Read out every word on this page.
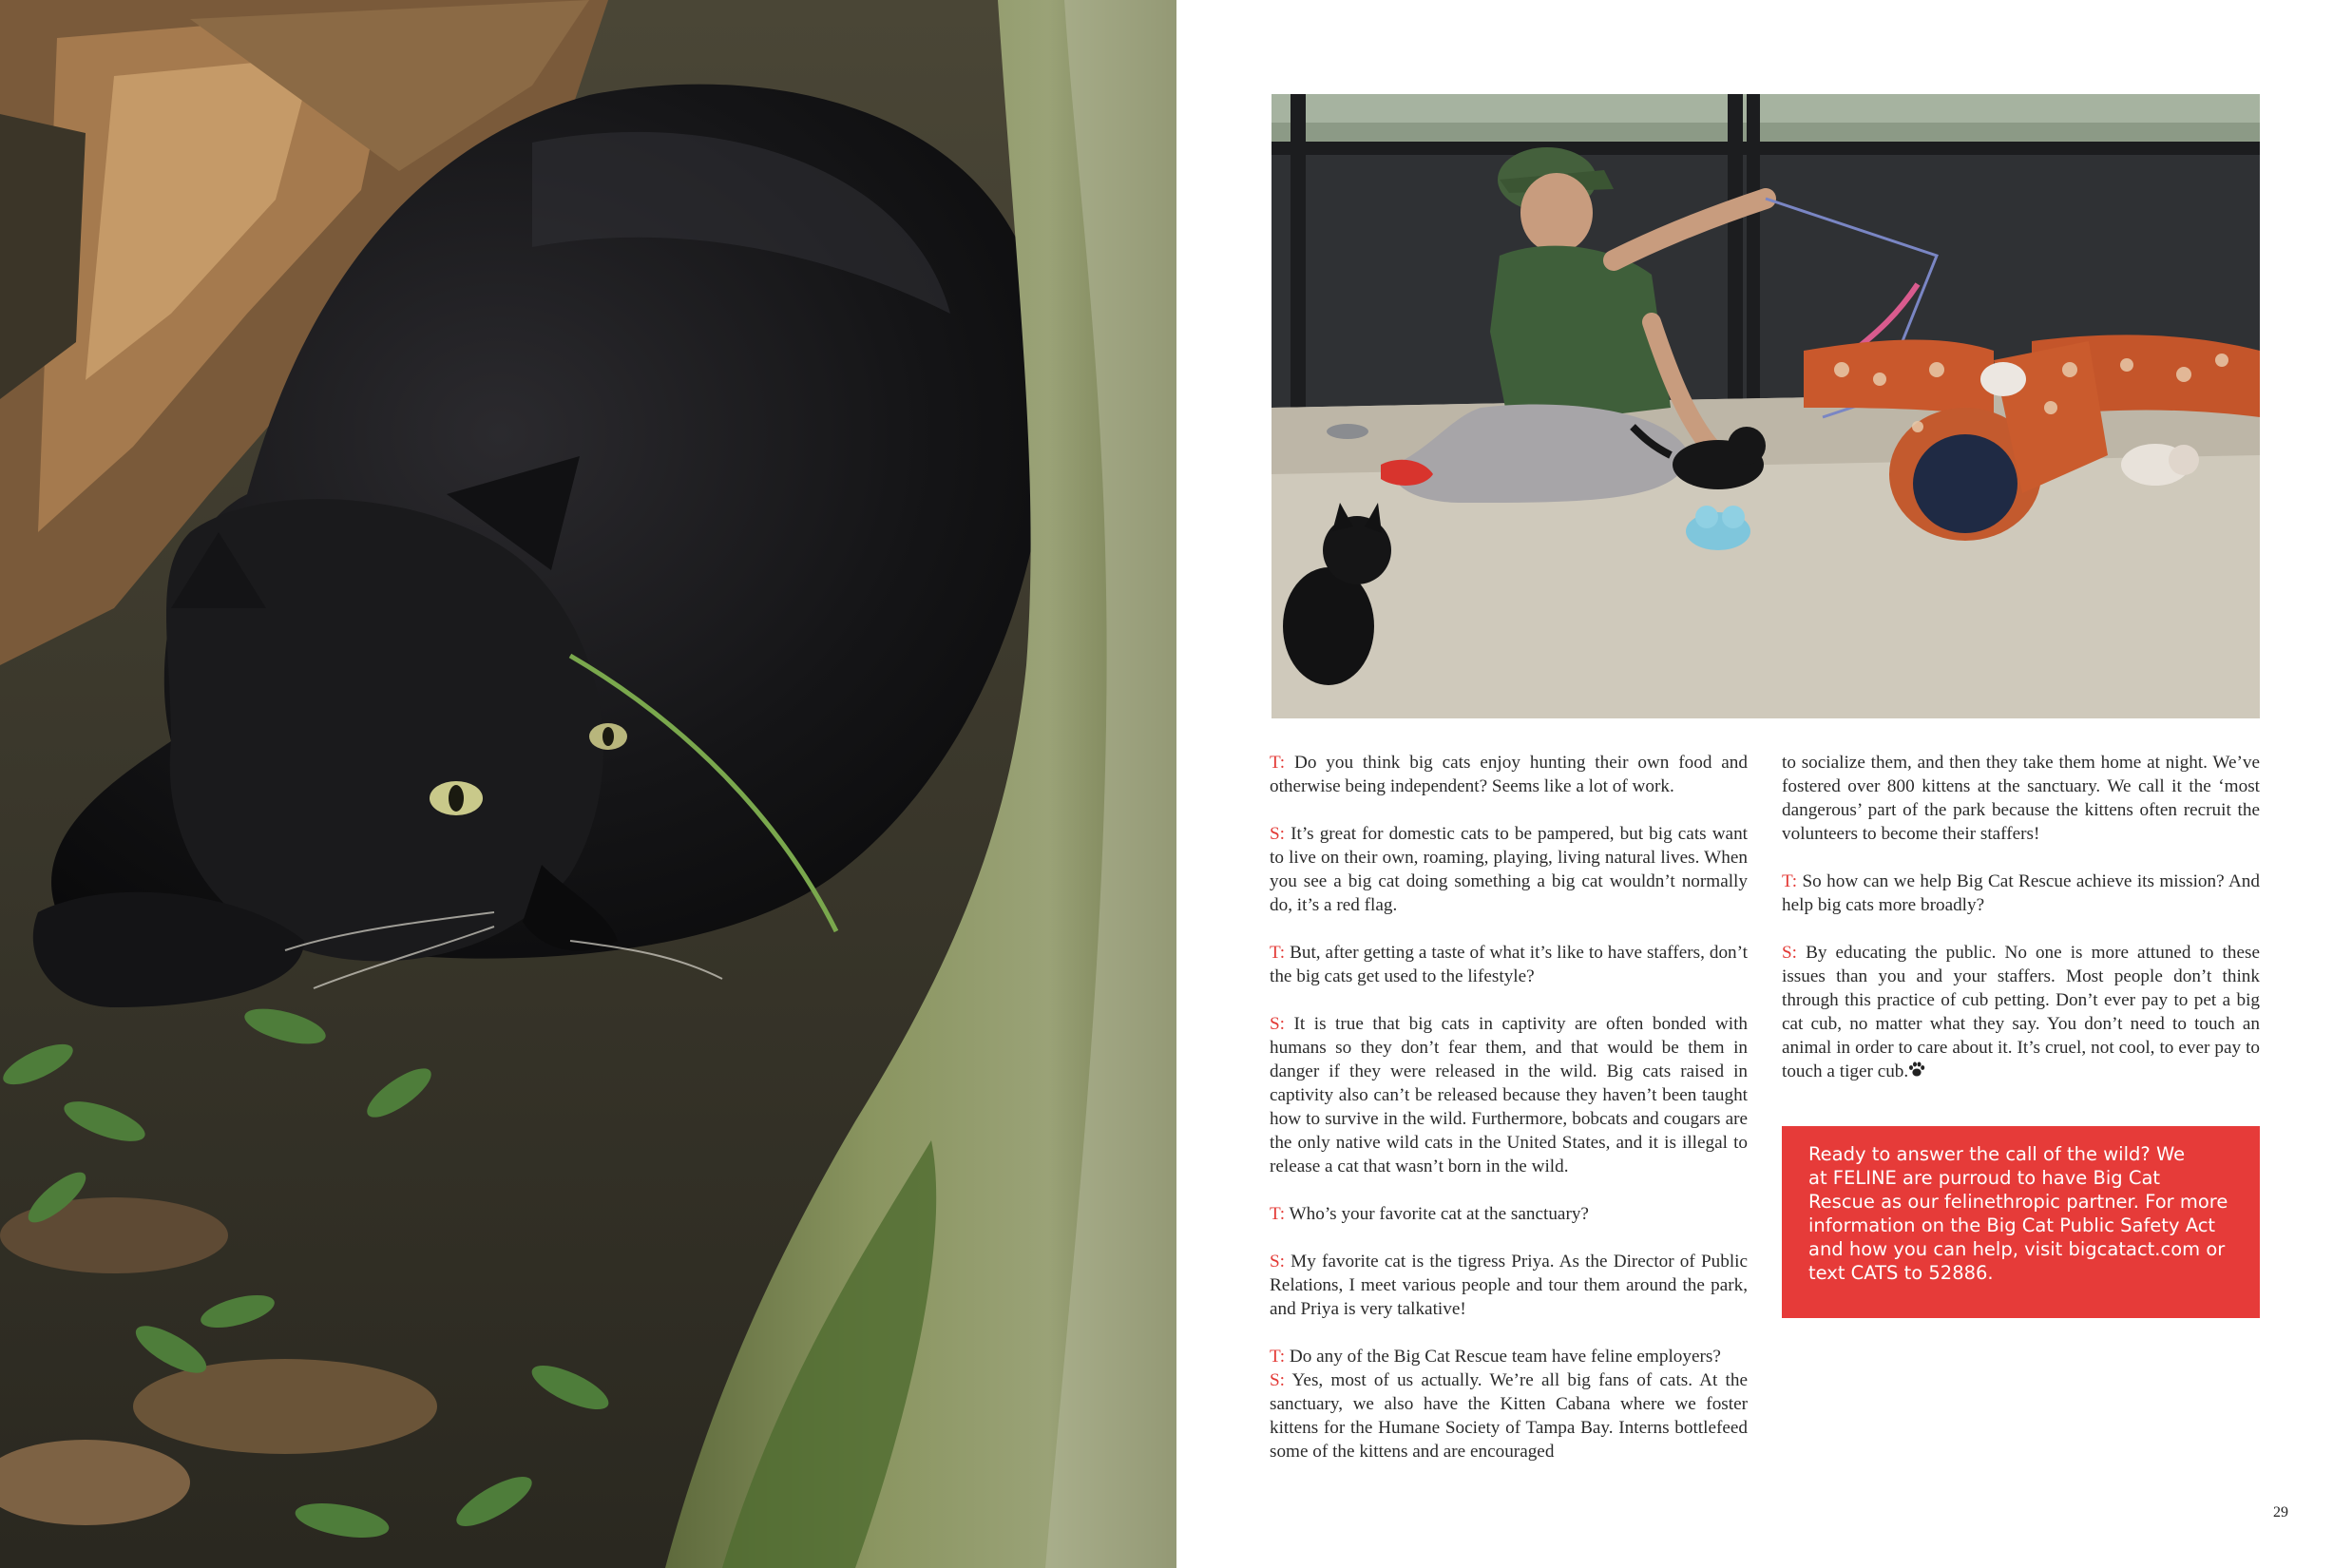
T: Do you think big cats enjoy hunting their own food and otherwise being independent? Seems like a lot of work.

S: It’s great for domestic cats to be pampered, but big cats want to live on their own, roaming, playing, living natural lives. When you see a big cat doing something a big cat wouldn’t normally do, it’s a red flag.

T: But, after getting a taste of what it’s like to have staffers, don’t the big cats get used to the lifestyle?

S: It is true that big cats in captivity are often bonded with humans so they don’t fear them, and that would be them in danger if they were released in the wild. Big cats raised in captivity also can’t be released because they haven’t been taught how to survive in the wild. Furthermore, bobcats and cougars are the only native wild cats in the United States, and it is illegal to release a cat that wasn’t born in the wild.

T: Who’s your favorite cat at the sanctuary?

S: My favorite cat is the tigress Priya. As the Director of Public Relations, I meet various people and tour them around the park, and Priya is very talkative!

T: Do any of the Big Cat Rescue team have feline employers?

S: Yes, most of us actually. We’re all big fans of cats. At the sanctuary, we also have the Kitten Cabana where we foster kittens for the Humane Society of Tampa Bay. Interns bottlefeed some of the kittens and are encouraged

to socialize them, and then they take them home at night. We’ve fostered over 800 kittens at the sanctuary. We call it the ‘most dangerous’ part of the park because the kittens often recruit the volunteers to become their staffers!

T: So how can we help Big Cat Rescue achieve its mission? And help big cats more broadly?

S: By educating the public. No one is more attuned to these issues than you and your staffers. Most people don’t think through this practice of cub petting. Don’t ever pay to pet a big cat cub, no matter what they say. You don’t need to touch an animal in order to care about it. It’s cruel, not cool, to ever pay to touch a tiger cub.

Ready to answer the call of the wild? We
at FELINE are purroud to have Big Cat
Rescue as our felinethropic partner. For more
information on the Big Cat Public Safety Act
and how you can help, visit bigcatact.com or
text CATS to 52886.
29
